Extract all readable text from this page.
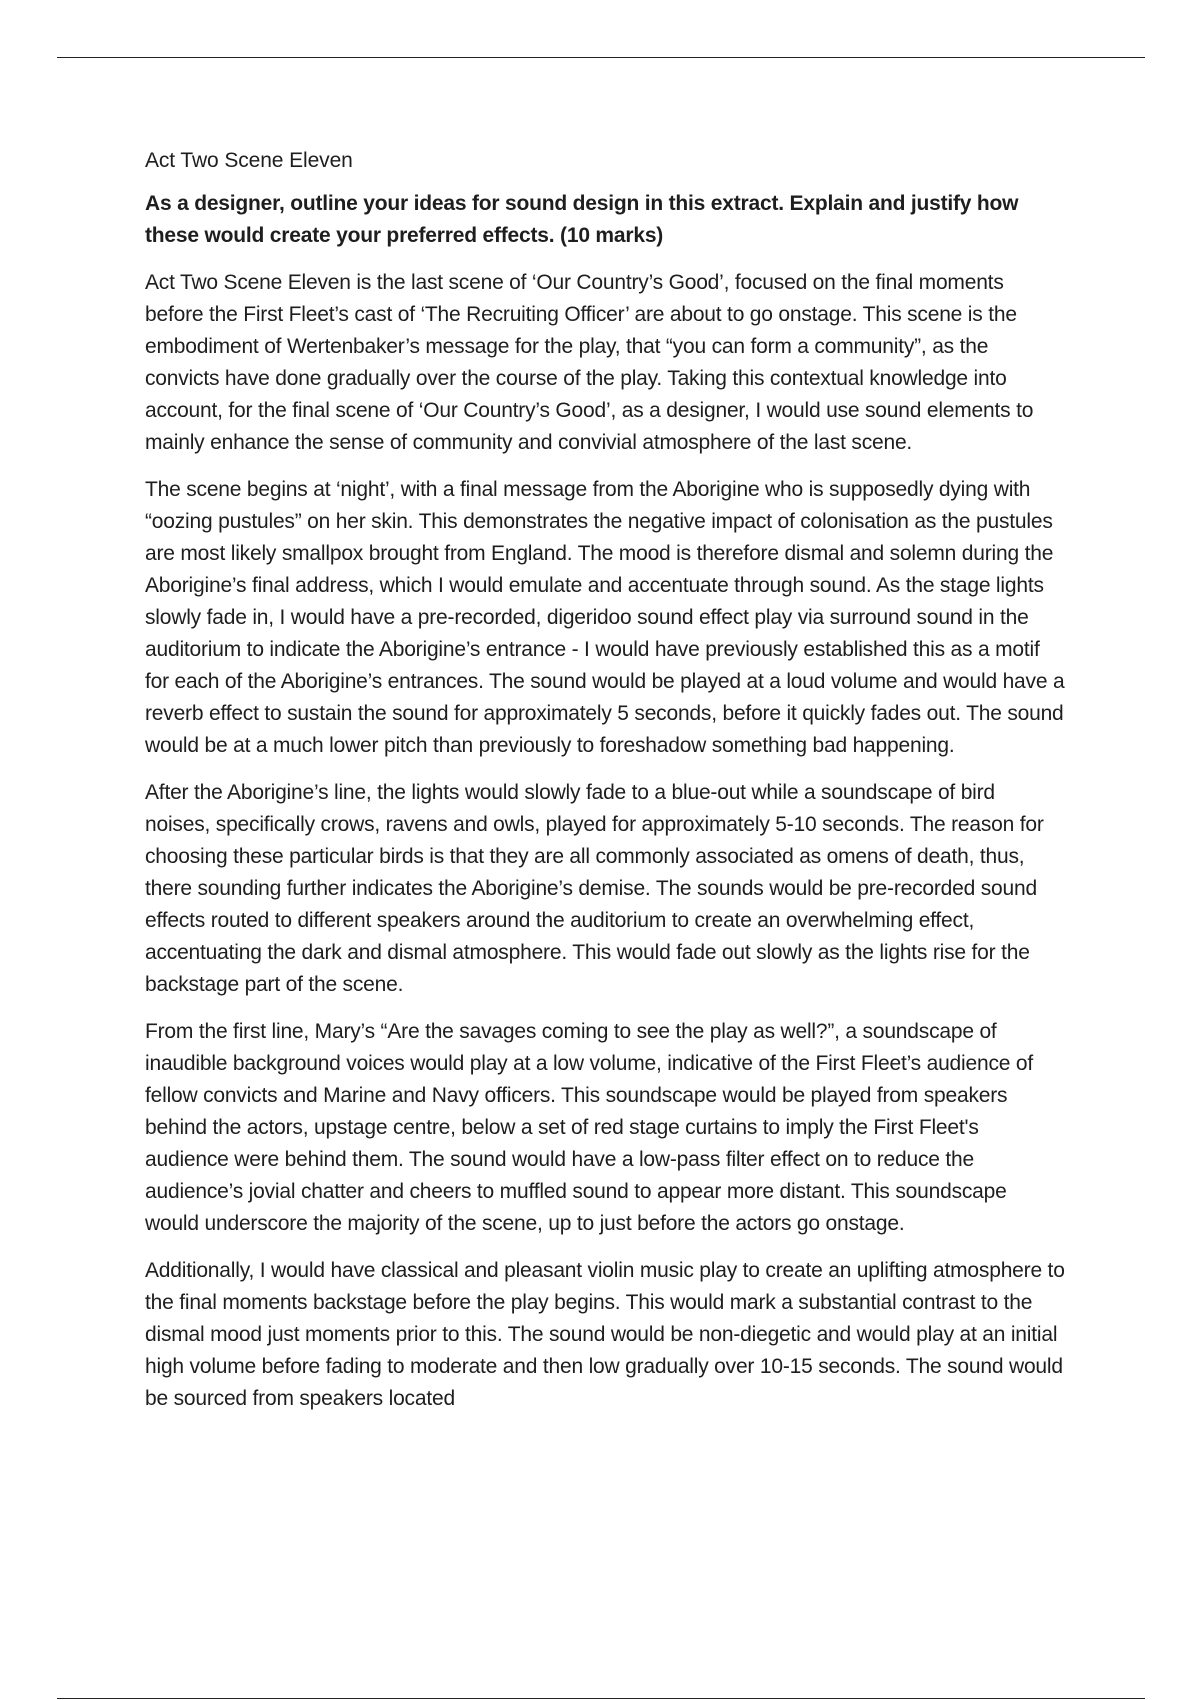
Act Two Scene Eleven

As a designer, outline your ideas for sound design in this extract. Explain and justify how these would create your preferred effects. (10 marks)

Act Two Scene Eleven is the last scene of ‘Our Country’s Good’, focused on the final moments before the First Fleet’s cast of ‘The Recruiting Officer’ are about to go onstage. This scene is the embodiment of Wertenbaker’s message for the play, that “you can form a community”, as the convicts have done gradually over the course of the play. Taking this contextual knowledge into account, for the final scene of ‘Our Country’s Good’, as a designer, I would use sound elements to mainly enhance the sense of community and convivial atmosphere of the last scene.

The scene begins at ‘night’, with a final message from the Aborigine who is supposedly dying with “oozing pustules” on her skin. This demonstrates the negative impact of colonisation as the pustules are most likely smallpox brought from England. The mood is therefore dismal and solemn during the Aborigine’s final address, which I would emulate and accentuate through sound. As the stage lights slowly fade in, I would have a pre-recorded, digeridoo sound effect play via surround sound in the auditorium to indicate the Aborigine’s entrance - I would have previously established this as a motif for each of the Aborigine’s entrances. The sound would be played at a loud volume and would have a reverb effect to sustain the sound for approximately 5 seconds, before it quickly fades out. The sound would be at a much lower pitch than previously to foreshadow something bad happening.

After the Aborigine’s line, the lights would slowly fade to a blue-out while a soundscape of bird noises, specifically crows, ravens and owls, played for approximately 5-10 seconds. The reason for choosing these particular birds is that they are all commonly associated as omens of death, thus, there sounding further indicates the Aborigine’s demise. The sounds would be pre-recorded sound effects routed to different speakers around the auditorium to create an overwhelming effect, accentuating the dark and dismal atmosphere. This would fade out slowly as the lights rise for the backstage part of the scene.

From the first line, Mary’s “Are the savages coming to see the play as well?”, a soundscape of inaudible background voices would play at a low volume, indicative of the First Fleet’s audience of fellow convicts and Marine and Navy officers. This soundscape would be played from speakers behind the actors, upstage centre, below a set of red stage curtains to imply the First Fleet's audience were behind them. The sound would have a low-pass filter effect on to reduce the audience’s jovial chatter and cheers to muffled sound to appear more distant. This soundscape would underscore the majority of the scene, up to just before the actors go onstage.

Additionally, I would have classical and pleasant violin music play to create an uplifting atmosphere to the final moments backstage before the play begins. This would mark a substantial contrast to the dismal mood just moments prior to this. The sound would be non-diegetic and would play at an initial high volume before fading to moderate and then low gradually over 10-15 seconds. The sound would be sourced from speakers located
